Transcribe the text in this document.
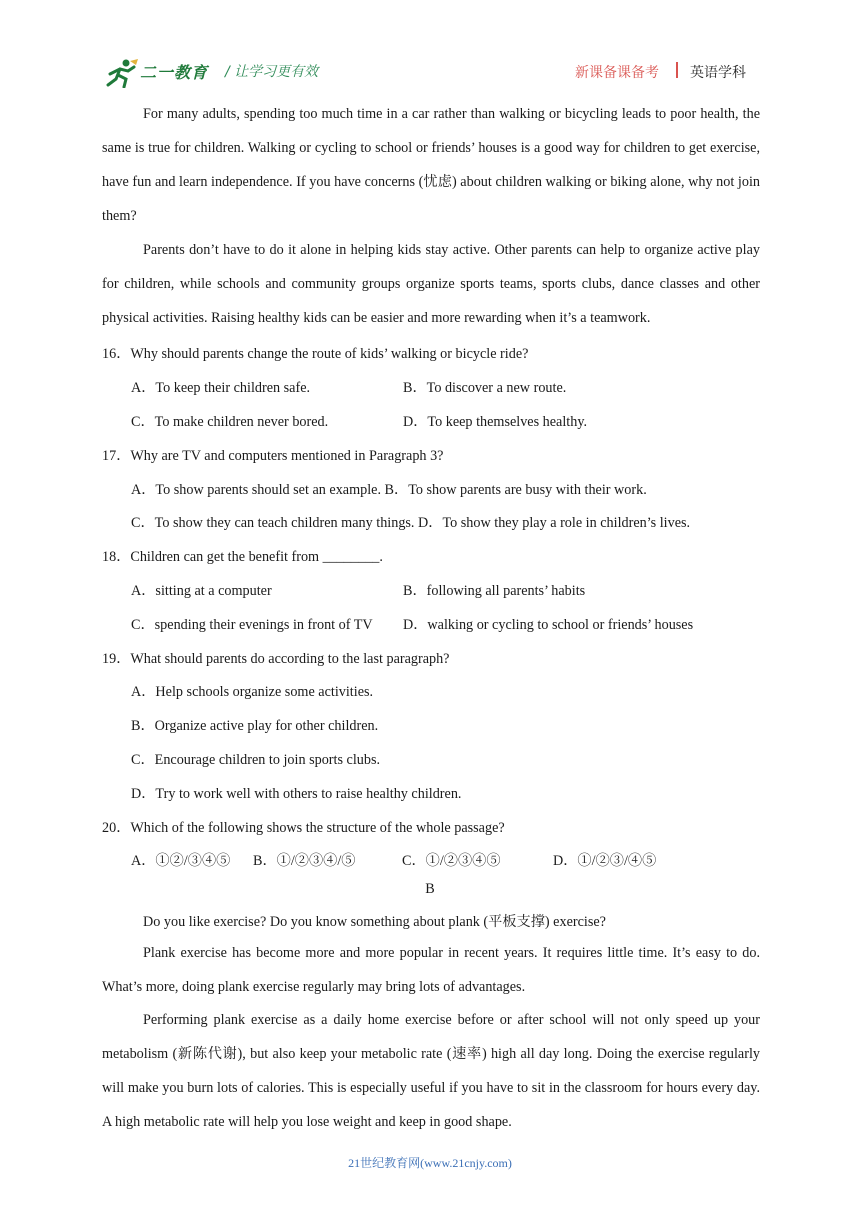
二一教育 / 让学习更有效	新课备课备考 英语学科
For many adults, spending too much time in a car rather than walking or bicycling leads to poor health, the same is true for children. Walking or cycling to school or friends’ houses is a good way for children to get exercise, have fun and learn independence. If you have concerns (忧虑) about children walking or biking alone, why not join them?
Parents don’t have to do it alone in helping kids stay active. Other parents can help to organize active play for children, while schools and community groups organize sports teams, sports clubs, dance classes and other physical activities. Raising healthy kids can be easier and more rewarding when it’s a teamwork.
16．Why should parents change the route of kids’ walking or bicycle ride?
A．To keep their children safe.	B．To discover a new route.
C．To make children never bored.	D．To keep themselves healthy.
17．Why are TV and computers mentioned in Paragraph 3?
A．To show parents should set an example. B．To show parents are busy with their work.
C．To show they can teach children many things. D．To show they play a role in children’s lives.
18．Children can get the benefit from ________.
A．sitting at a computer	B．following all parents’ habits
C．spending their evenings in front of TV D．walking or cycling to school or friends’ houses
19．What should parents do according to the last paragraph?
A．Help schools organize some activities.
B．Organize active play for other children.
C．Encourage children to join sports clubs.
D．Try to work well with others to raise healthy children.
20．Which of the following shows the structure of the whole passage?
A．①②/③④⑤ B．①/②③④/⑤	C．①/②③④⑤	D．①/②③/④⑤
B
Do you like exercise? Do you know something about plank (平板支撑) exercise?
Plank exercise has become more and more popular in recent years. It requires little time. It’s easy to do. What’s more, doing plank exercise regularly may bring lots of advantages.
Performing plank exercise as a daily home exercise before or after school will not only speed up your metabolism (新陈代谢), but also keep your metabolic rate (速率) high all day long. Doing the exercise regularly will make you burn lots of calories. This is especially useful if you have to sit in the classroom for hours every day. A high metabolic rate will help you lose weight and keep in good shape.
21世纪教育网(www.21cnjy.com)
